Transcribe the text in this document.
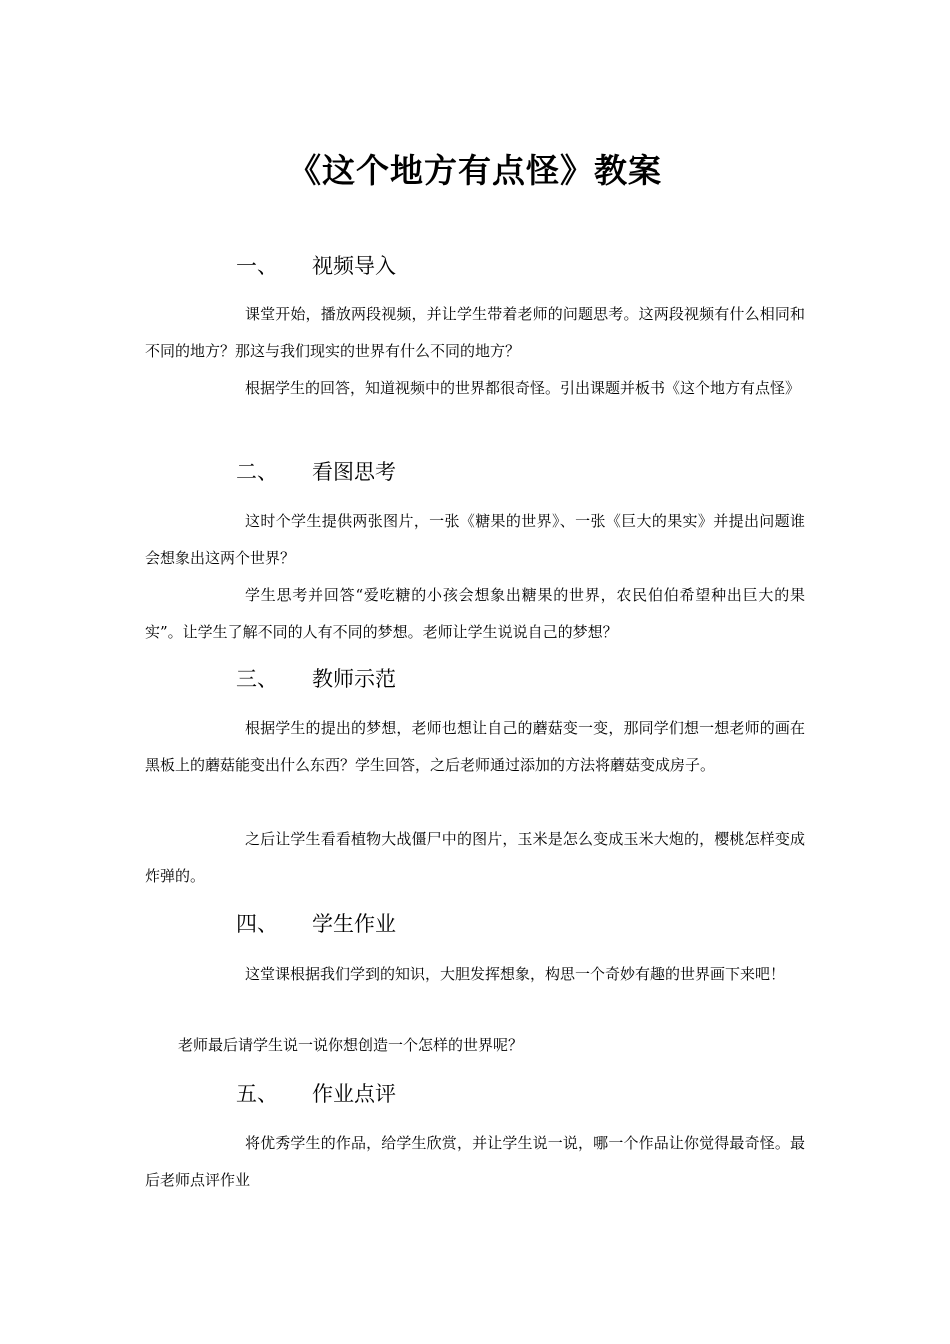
《这个地方有点怪》教案
一、 视频导入

课堂开始，播放两段视频，并让学生带着老师的问题思考。这两段视频有什么相同和不同的地方？那这与我们现实的世界有什么不同的地方？

根据学生的回答，知道视频中的世界都很奇怪。引出课题并板书《这个地方有点怪》

二、 看图思考

这时个学生提供两张图片，一张《糖果的世界》、一张《巨大的果实》并提出问题谁会想象出这两个世界？

学生思考并回答“爱吃糖的小孩会想象出糖果的世界，农民伯伯希望种出巨大的果实”。让学生了解不同的人有不同的梦想。老师让学生说说自己的梦想？

三、 教师示范

根据学生的提出的梦想，老师也想让自己的蘑菇变一变，那同学们想一想老师的画在黑板上的蘑菇能变出什么东西？学生回答，之后老师通过添加的方法将蘑菇变成房子。

之后让学生看看植物大战僵尸中的图片，玉米是怎么变成玉米大炮的，樱桃怎样变成炸弹的。

四、 学生作业

这堂课根据我们学到的知识，大胆发挥想象，构思一个奇妙有趣的世界画下来吧！

老师最后请学生说一说你想创造一个怎样的世界呢？

五、 作业点评

将优秀学生的作品，给学生欣赏，并让学生说一说，哪一个作品让你觉得最奇怪。最后老师点评作业
